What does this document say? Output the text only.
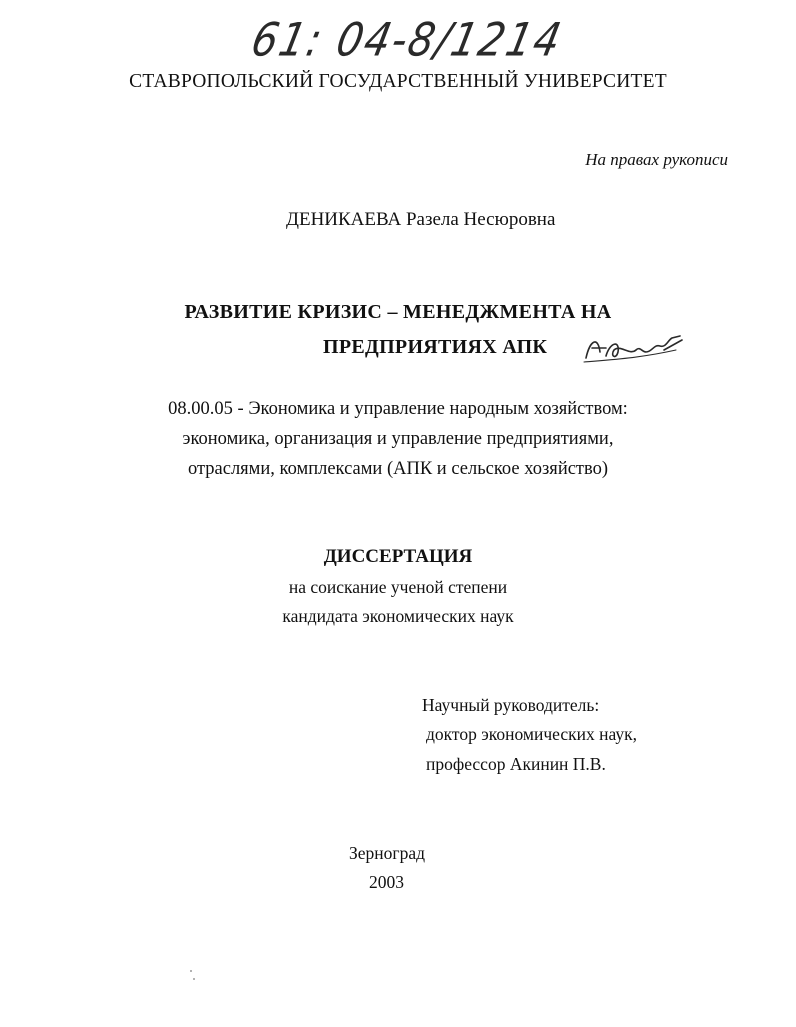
61: 04-8/1214
СТАВРОПОЛЬСКИЙ ГОСУДАРСТВЕННЫЙ УНИВЕРСИТЕТ
На правах рукописи
ДЕНИКАЕВА Разела Несюровна
РАЗВИТИЕ КРИЗИС – МЕНЕДЖМЕНТА НА
ПРЕДПРИЯТИЯХ АПК
08.00.05 - Экономика и управление народным хозяйством:
экономика, организация и управление предприятиями,
отраслями, комплексами (АПК и сельское хозяйство)
ДИССЕРТАЦИЯ
на соискание ученой степени
кандидата экономических наук
Научный руководитель:
доктор экономических наук,
профессор Акинин П.В.
Зерноград
2003
